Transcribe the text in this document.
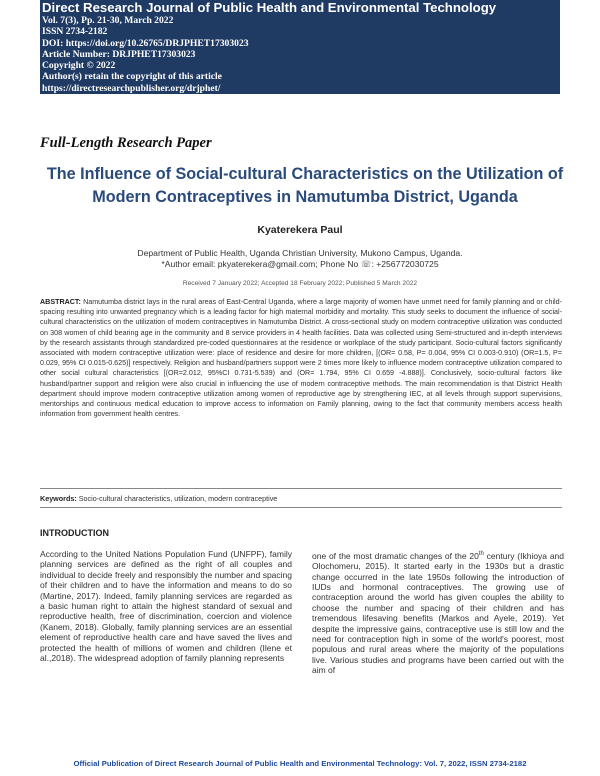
Direct Research Journal of Public Health and Environmental Technology
Vol. 7(3), Pp. 21-30, March 2022
ISSN 2734-2182
DOI: https://doi.org/10.26765/DRJPHET17303023
Article Number: DRJPHET17303023
Copyright © 2022
Author(s) retain the copyright of this article
https://directresearchpublisher.org/drjphet/
Full-Length Research Paper
The Influence of Social-cultural Characteristics on the Utilization of Modern Contraceptives in Namutumba District, Uganda
Kyaterekera Paul
Department of Public Health, Uganda Christian University, Mukono Campus, Uganda.
*Author email: pkyaterekera@gmail.com; Phone No ☏: +256772030725
Received 7 January 2022; Accepted 18 February 2022; Published 5 March 2022
ABSTRACT: Namutumba district lays in the rural areas of East-Central Uganda, where a large majority of women have unmet need for family planning and or child-spacing resulting into unwanted pregnancy which is a leading factor for high maternal morbidity and mortality. This study seeks to document the influence of social-cultural characteristics on the utilization of modern contraceptives in Namutumba District. A cross-sectional study on modern contraceptive utilization was conducted on 308 women of child bearing age in the community and 8 service providers in 4 health facilities. Data was collected using Semi-structured and in-depth interviews by the research assistants through standardized pre-coded questionnaires at the residence or workplace of the study participant. Socio-cultural factors significantly associated with modern contraceptive utilization were: place of residence and desire for more children, [(OR= 0.58, P= 0.004, 95% CI 0.003-0.910) (OR=1.5, P= 0.029, 95% CI 0.015-0.625)] respectively. Religion and husband/partners support were 2 times more likely to influence modern contraceptive utilization compared to other social cultural characteristics [(OR=2.012, 95%CI 0.731-5.539) and (OR= 1.794, 95% CI 0.659 -4.888)]. Conclusively, socio-cultural factors like husband/partner support and religion were also crucial in influencing the use of modern contraceptive methods. The main recommendation is that District Health department should improve modern contraceptive utilization among women of reproductive age by strengthening IEC, at all levels through support supervisions, mentorships and continuous medical education to improve access to information on Family planning, owing to the fact that community members access health information from government health centres.
Keywords: Socio-cultural characteristics, utilization, modern contraceptive
INTRODUCTION
According to the United Nations Population Fund (UNFPF), family planning services are defined as the right of all couples and individual to decide freely and responsibly the number and spacing of their children and to have the information and means to do so (Martine, 2017). Indeed, family planning services are regarded as a basic human right to attain the highest standard of sexual and reproductive health, free of discrimination, coercion and violence (Kanem, 2018). Globally, family planning services are an essential element of reproductive health care and have saved the lives and protected the health of millions of women and children (Ilene et al.,2018). The widespread adoption of family planning represents
one of the most dramatic changes of the 20th century (Ikhioya and Olochomeru, 2015). It started early in the 1930s but a drastic change occurred in the late 1950s following the introduction of IUDs and hormonal contraceptives. The growing use of contraception around the world has given couples the ability to choose the number and spacing of their children and has tremendous lifesaving benefits (Markos and Ayele, 2019). Yet despite the impressive gains, contraceptive use is still low and the need for contraception high in some of the world's poorest, most populous and rural areas where the majority of the populations live. Various studies and programs have been carried out with the aim of
Official Publication of Direct Research Journal of Public Health and Environmental Technology: Vol. 7, 2022, ISSN 2734-2182
